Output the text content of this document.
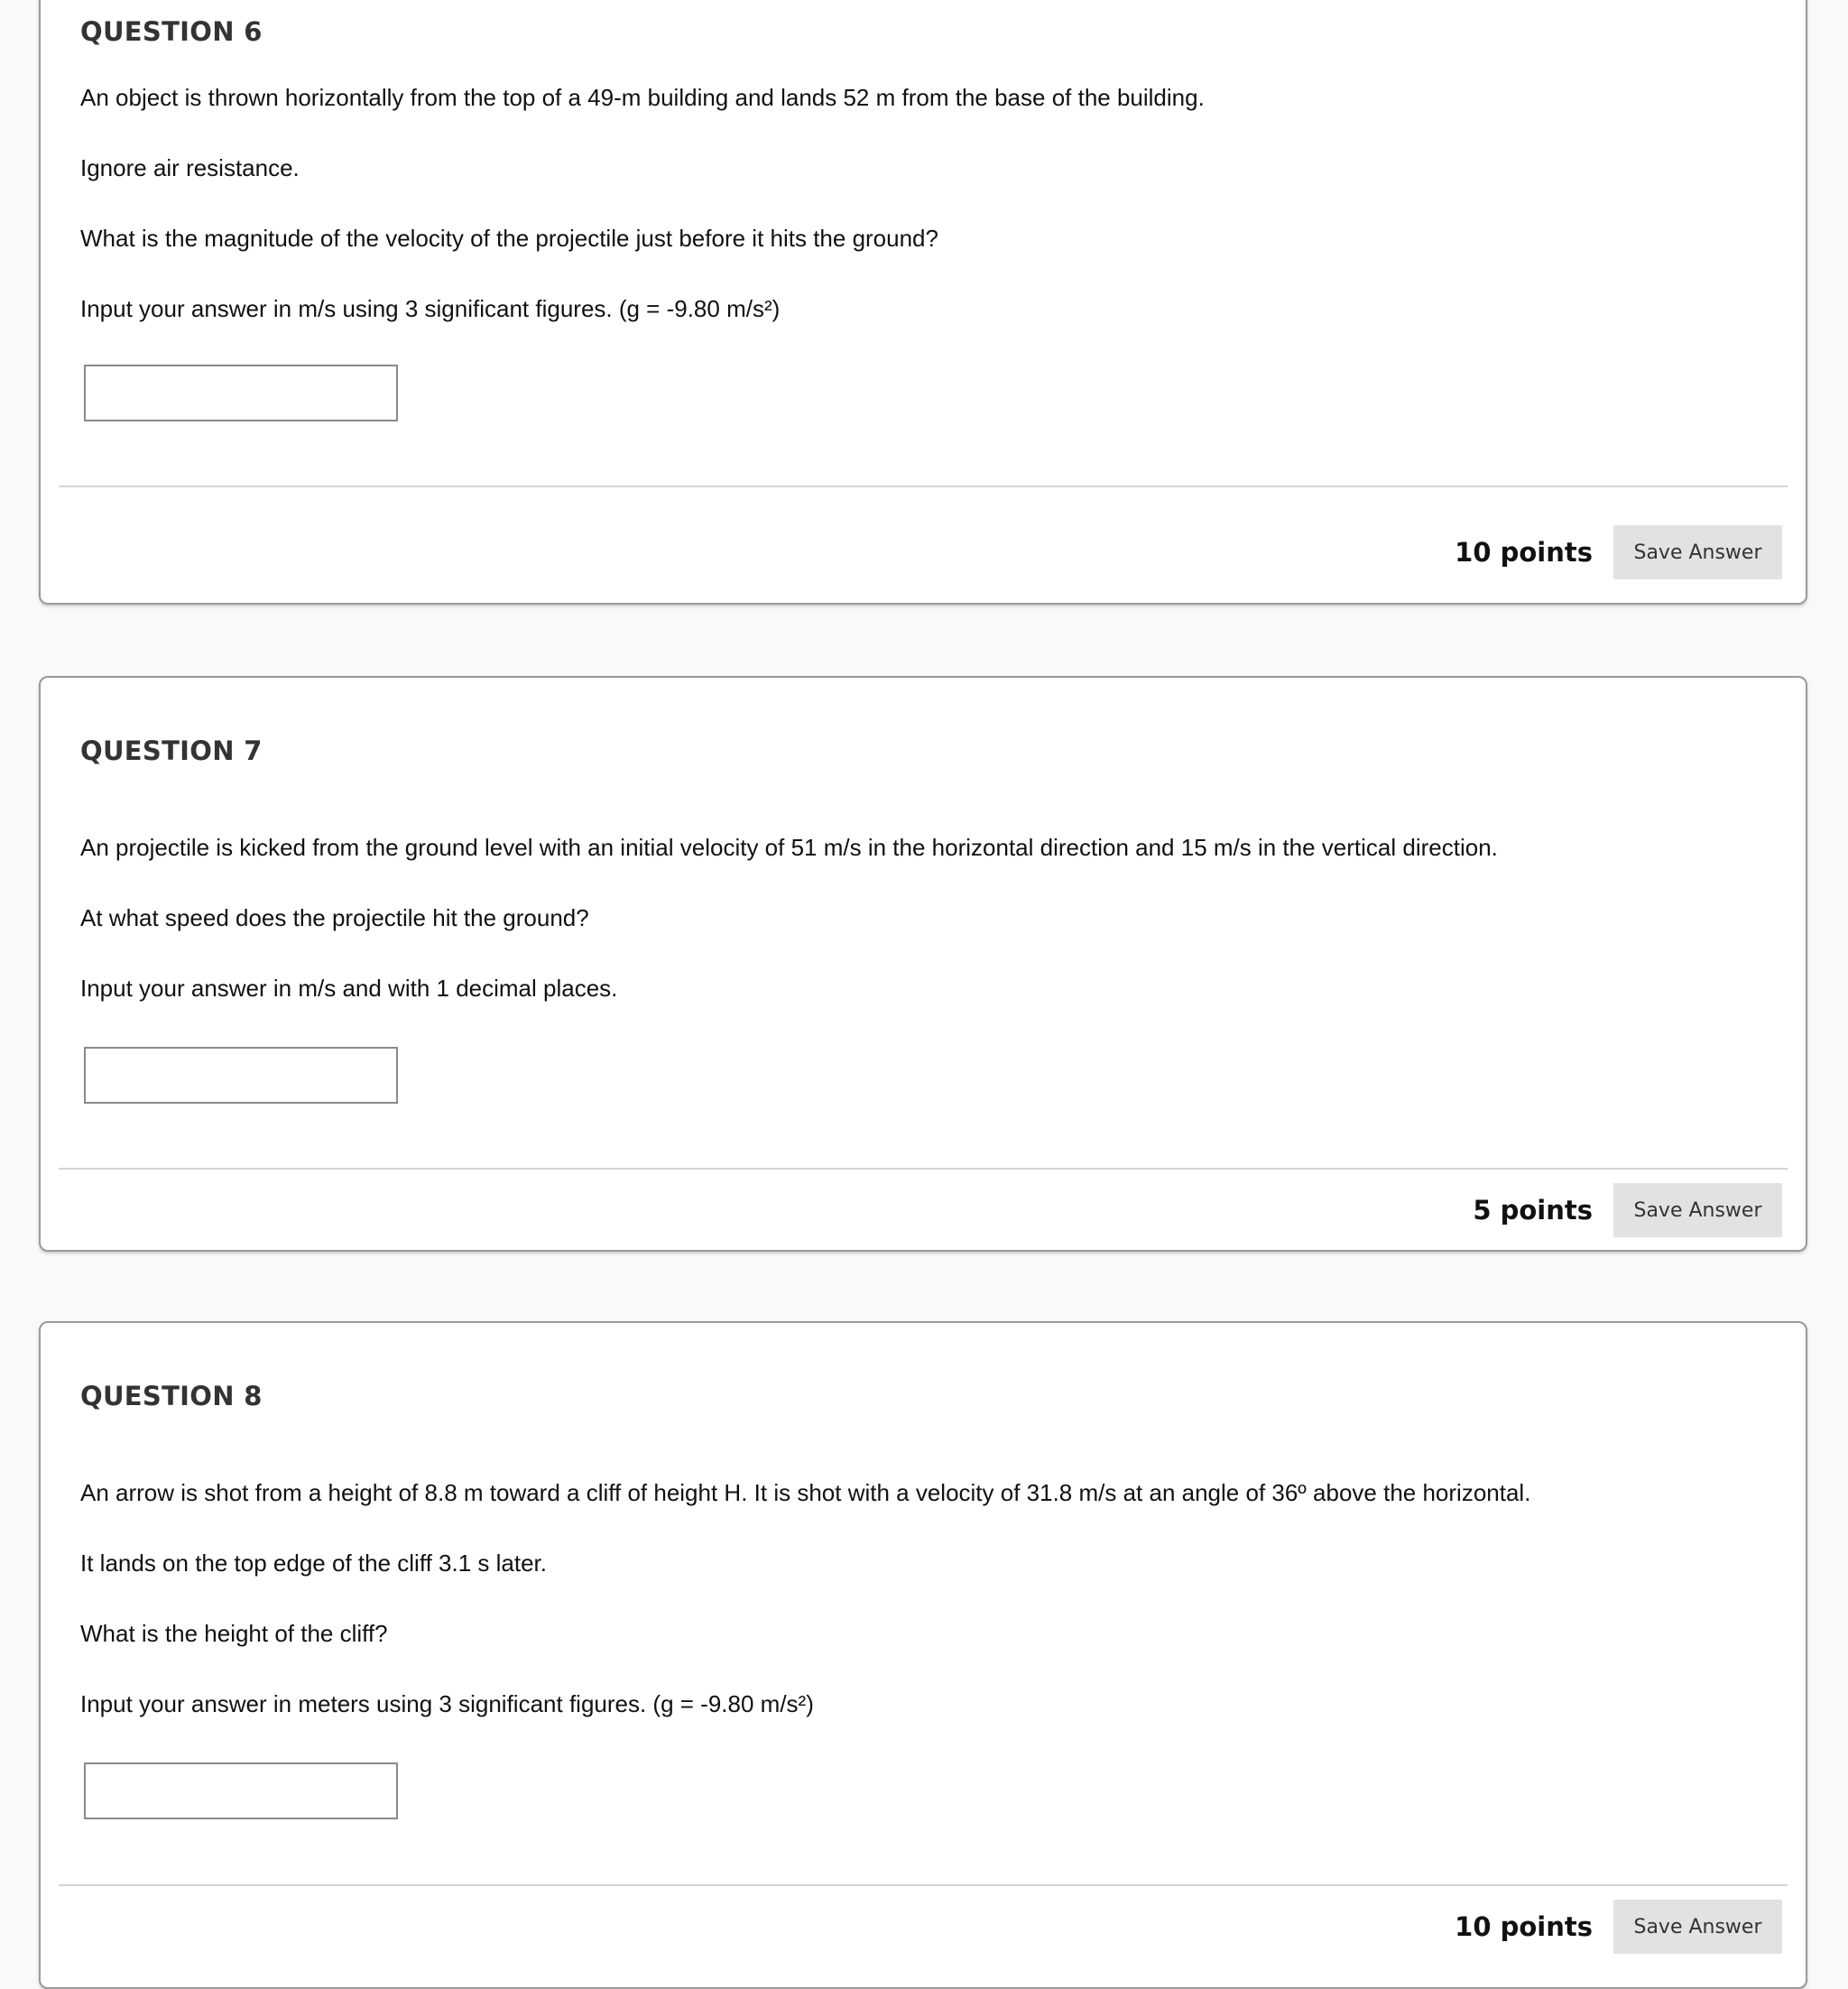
QUESTION 6

An object is thrown horizontally from the top of a 49-m building and lands 52 m from the base of the building.

Ignore air resistance.

What is the magnitude of the velocity of the projectile just before it hits the ground?

Input your answer in m/s using 3 significant figures. (g = -9.80 m/s²)

10 points	Save Answer
QUESTION 7

An projectile is kicked from the ground level with an initial velocity of 51 m/s in the horizontal direction and 15 m/s in the vertical direction.

At what speed does the projectile hit the ground?

Input your answer in m/s and with 1 decimal places.

5 points	Save Answer
QUESTION 8

An arrow is shot from a height of 8.8 m toward a cliff of height H. It is shot with a velocity of 31.8 m/s at an angle of 36º above the horizontal.

It lands on the top edge of the cliff 3.1 s later.

What is the height of the cliff?

Input your answer in meters using 3 significant figures. (g = -9.80 m/s²)

10 points	Save Answer
